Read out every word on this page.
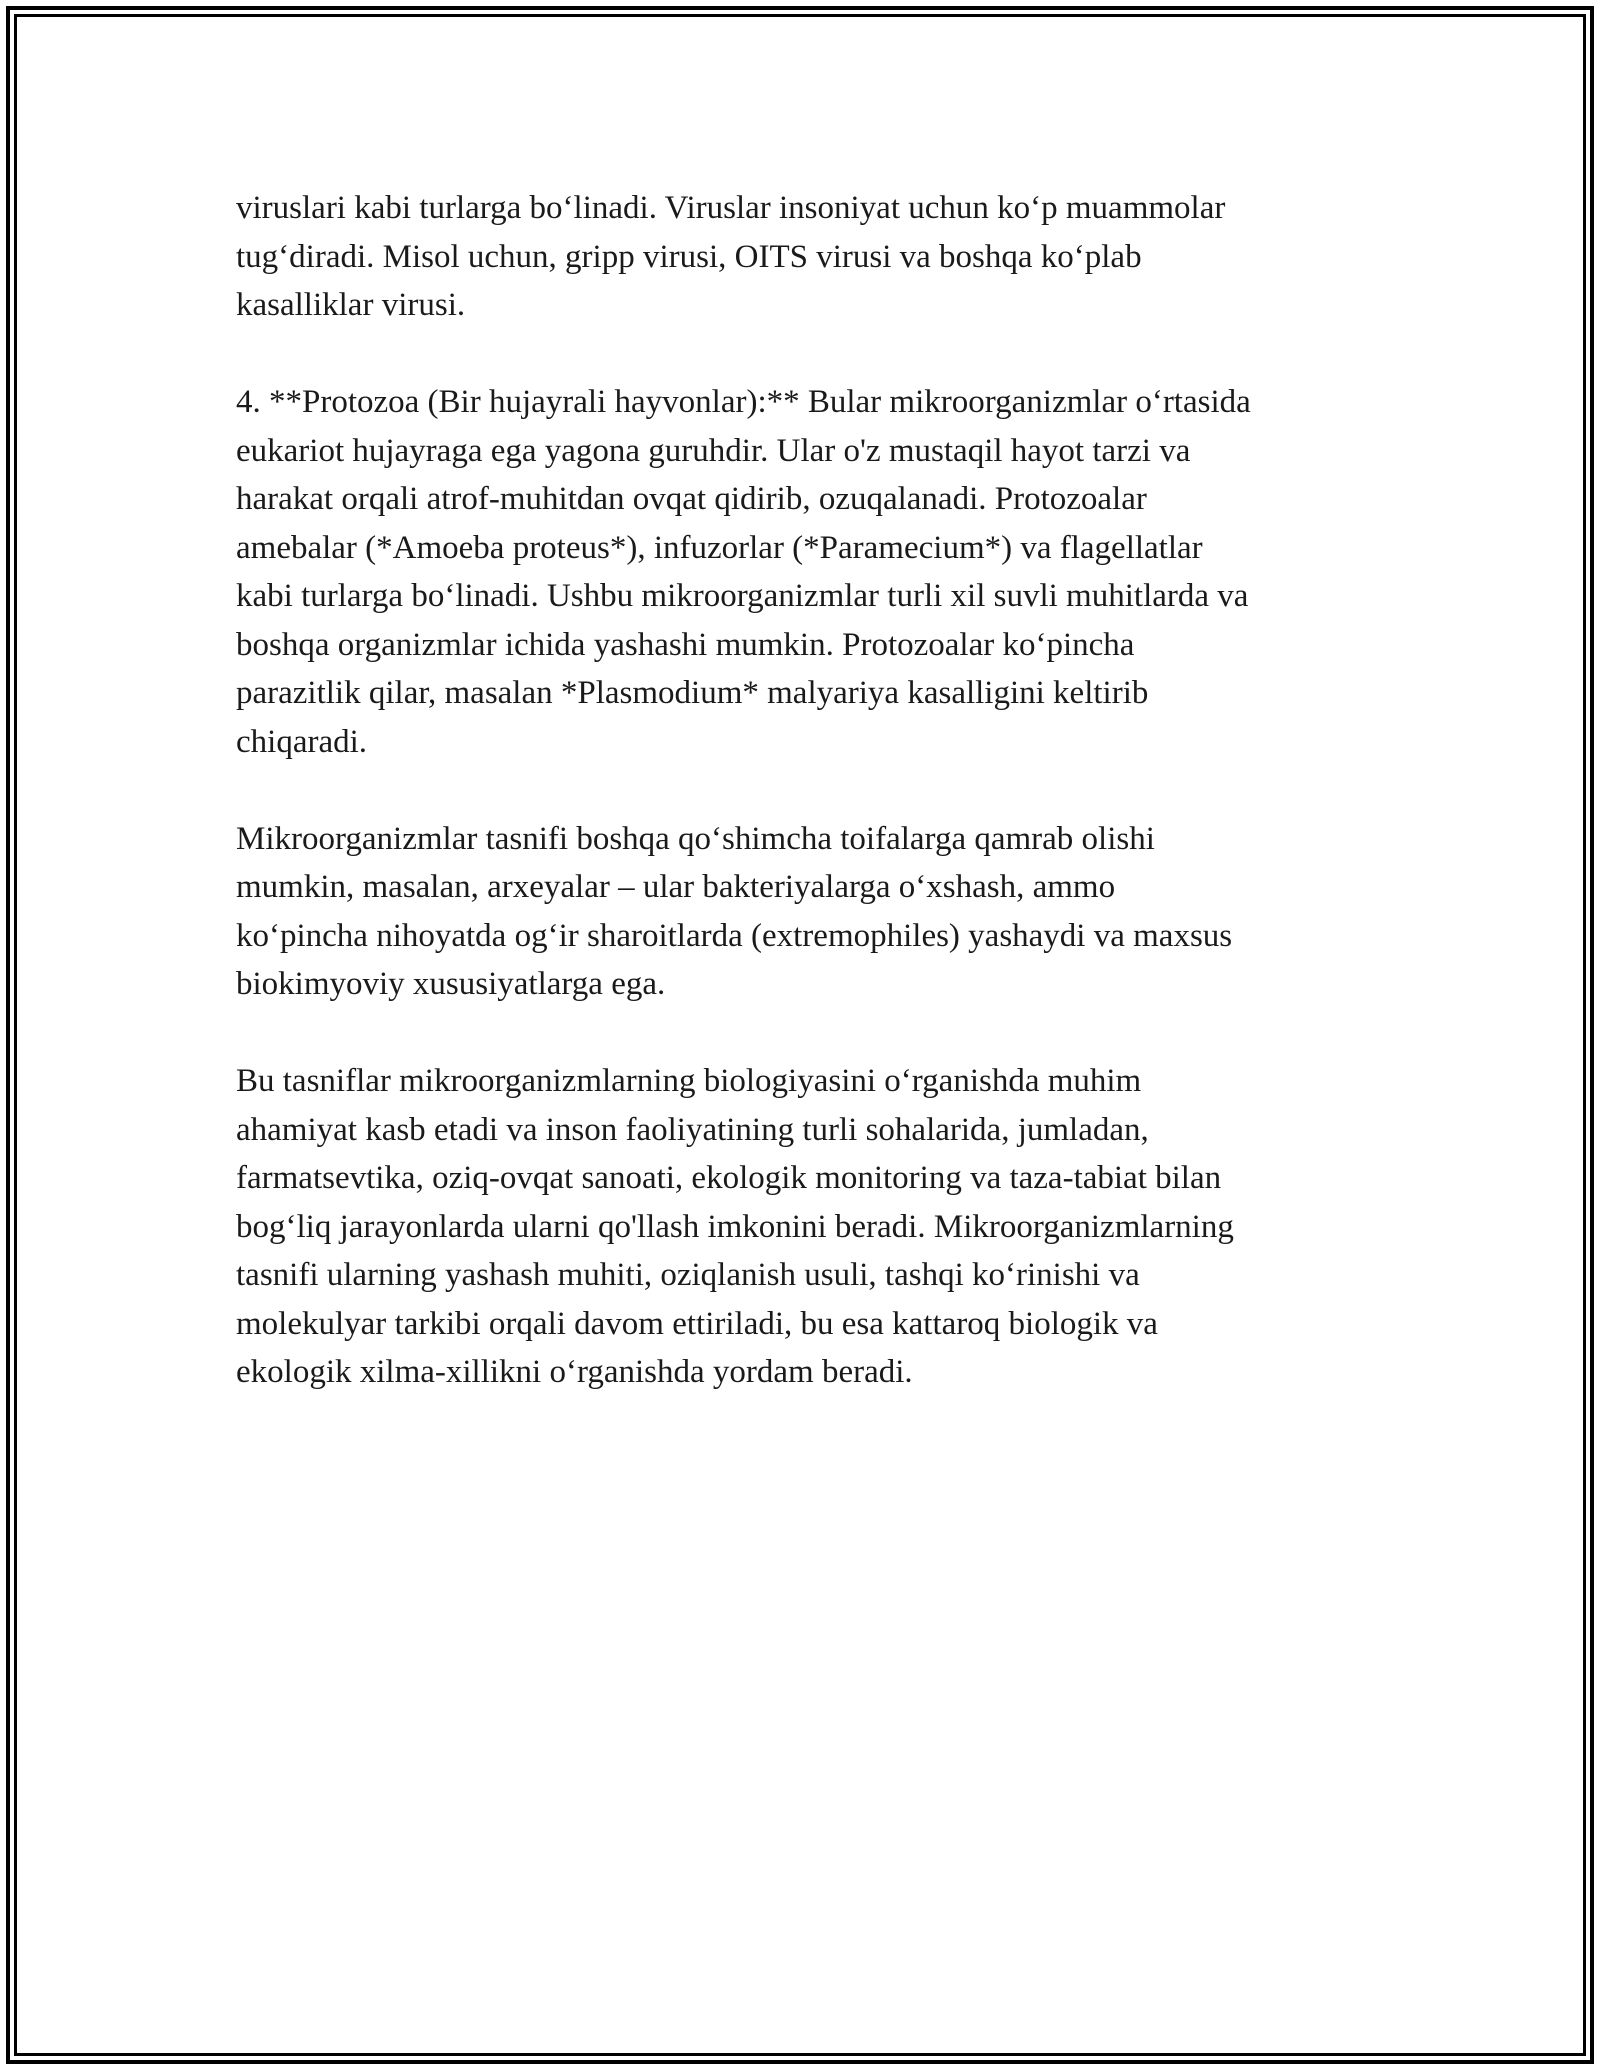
viruslari kabi turlarga bo‘linadi. Viruslar insoniyat uchun ko‘p muammolar
tug‘diradi. Misol uchun, gripp virusi, OITS virusi va boshqa ko‘plab
kasalliklar virusi.

4. **Protozoa (Bir hujayrali hayvonlar):** Bular mikroorganizmlar o‘rtasida
eukariot hujayraga ega yagona guruhdir. Ular o'z mustaqil hayot tarzi va
harakat orqali atrof-muhitdan ovqat qidirib, ozuqalanadi. Protozoalar
amebalar (*Amoeba proteus*), infuzorlar (*Paramecium*) va flagellatlar
kabi turlarga bo‘linadi. Ushbu mikroorganizmlar turli xil suvli muhitlarda va
boshqa organizmlar ichida yashashi mumkin. Protozoalar ko‘pincha
parazitlik qilar, masalan *Plasmodium* malyariya kasalligini keltirib
chiqaradi.

Mikroorganizmlar tasnifi boshqa qo‘shimcha toifalarga qamrab olishi
mumkin, masalan, arxeyalar – ular bakteriyalarga o‘xshash, ammo
ko‘pincha nihoyatda og‘ir sharoitlarda (extremophiles) yashaydi va maxsus
biokimyoviy xususiyatlarga ega.

Bu tasniflar mikroorganizmlarning biologiyasini o‘rganishda muhim
ahamiyat kasb etadi va inson faoliyatining turli sohalarida, jumladan,
farmatsevtika, oziq-ovqat sanoati, ekologik monitoring va taza-tabiat bilan
bog‘liq jarayonlarda ularni qo'llash imkonini beradi. Mikroorganizmlarning
tasnifi ularning yashash muhiti, oziqlanish usuli, tashqi ko‘rinishi va
molekulyar tarkibi orqali davom ettiriladi, bu esa kattaroq biologik va
ekologik xilma-xillikni o‘rganishda yordam beradi.
